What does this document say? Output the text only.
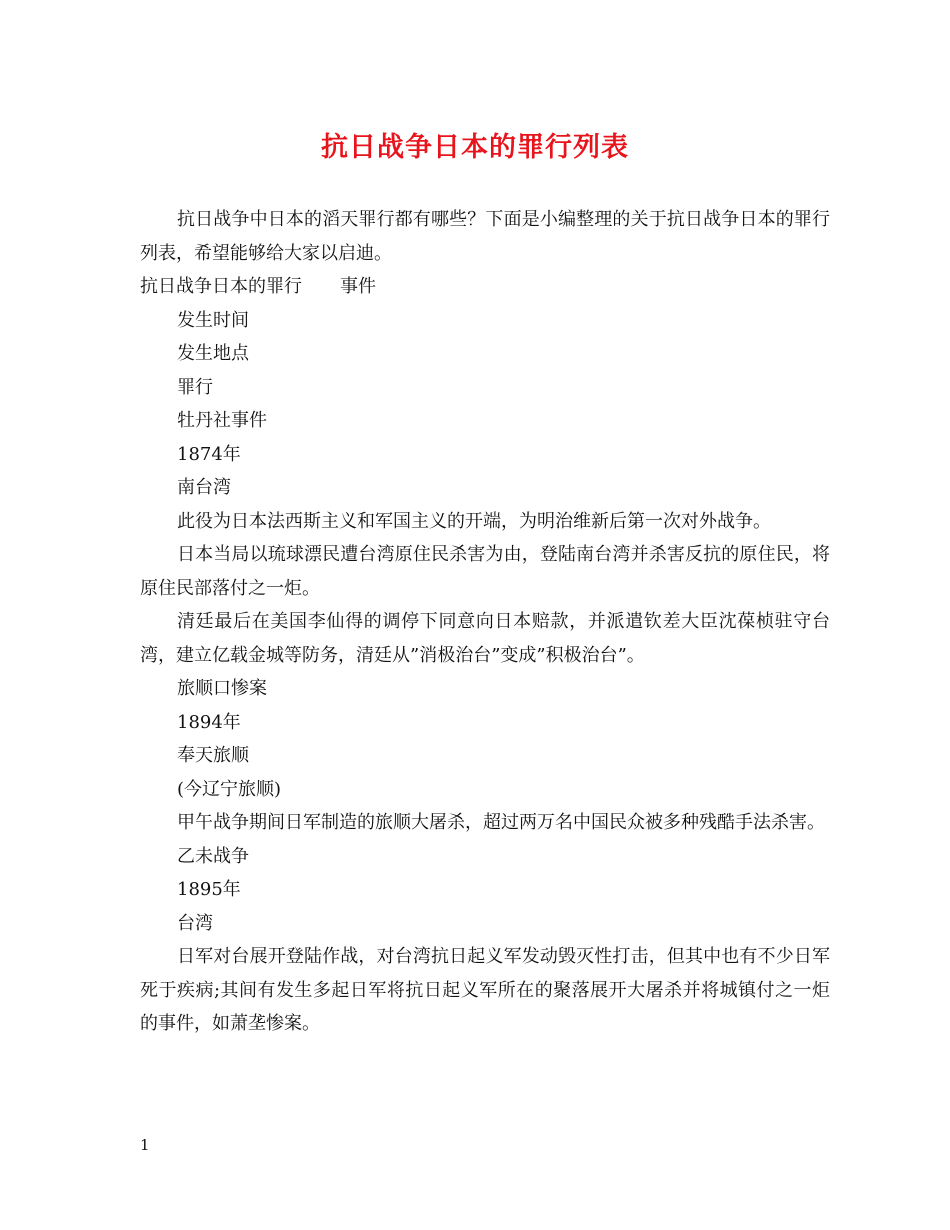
抗日战争日本的罪行列表

抗日战争中日本的滔天罪行都有哪些？下面是小编整理的关于抗日战争日本的罪行列表，希望能够给大家以启迪。

抗日战争日本的罪行 事件

发生时间

发生地点

罪行

牡丹社事件

1874年

南台湾

此役为日本法西斯主义和军国主义的开端，为明治维新后第一次对外战争。

日本当局以琉球漂民遭台湾原住民杀害为由，登陆南台湾并杀害反抗的原住民，将原住民部落付之一炬。

清廷最后在美国李仙得的调停下同意向日本赔款，并派遣钦差大臣沈葆桢驻守台湾，建立亿载金城等防务，清廷从”消极治台”变成”积极治台”。

旅顺口惨案

1894年

奉天旅顺

(今辽宁旅顺)

甲午战争期间日军制造的旅顺大屠杀，超过两万名中国民众被多种残酷手法杀害。

乙未战争

1895年

台湾

日军对台展开登陆作战，对台湾抗日起义军发动毁灭性打击，但其中也有不少日军死于疾病;其间有发生多起日军将抗日起义军所在的聚落展开大屠杀并将城镇付之一炬的事件，如萧垄惨案。

1
